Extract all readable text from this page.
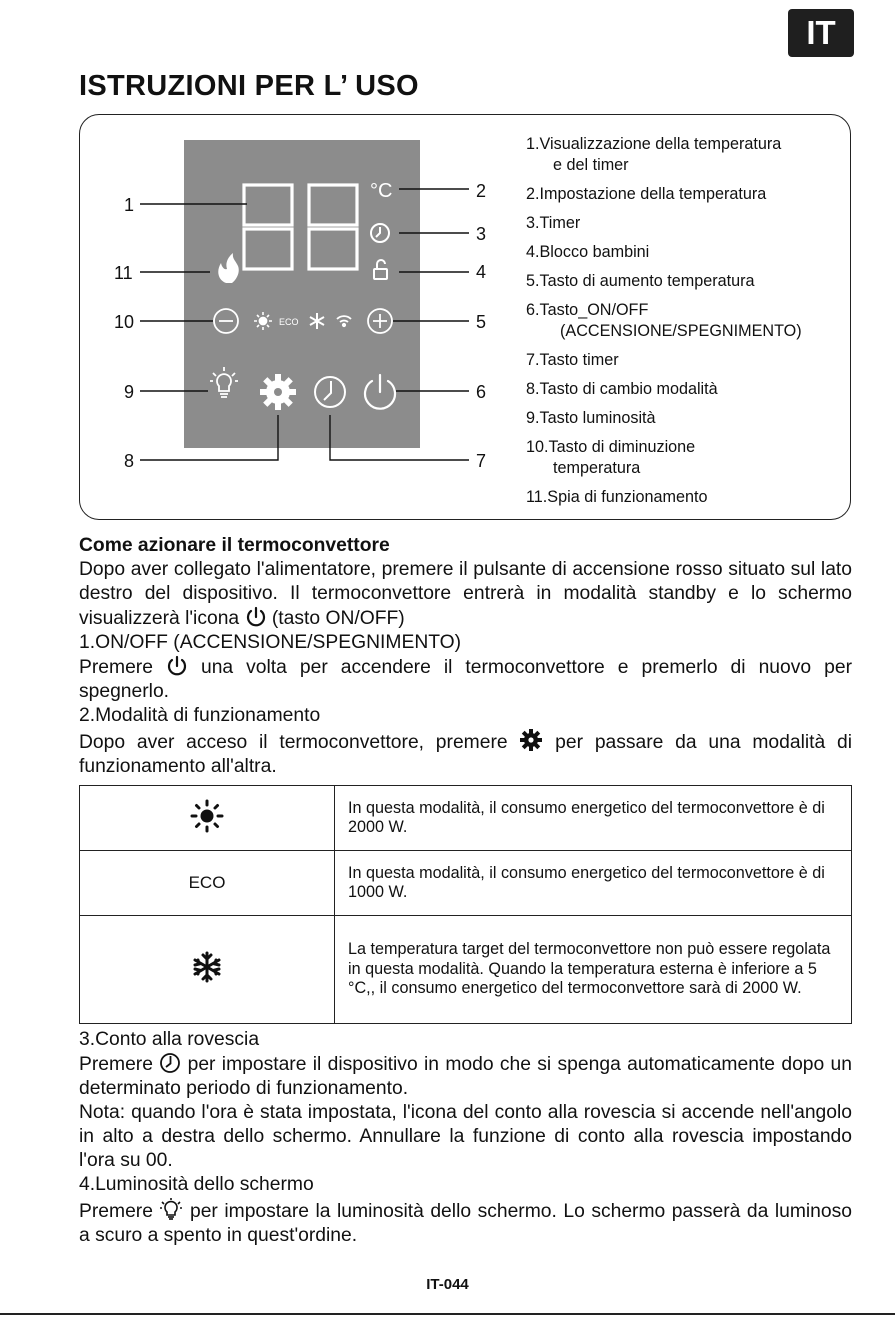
IT
ISTRUZIONI PER L’ USO
°C
ECO
1
2
3
4
5
6
7
8
9
10
11
1.Visualizzazione della temperatura
e del timer
2.Impostazione della temperatura
3.Timer
4.Blocco bambini
5.Tasto di aumento temperatura
6.Tasto_ON/OFF
(ACCENSIONE/SPEGNIMENTO)
7.Tasto timer
8.Tasto di cambio modalità
9.Tasto luminosità
10.Tasto di diminuzione
temperatura
11.Spia di funzionamento

Come azionare il termoconvettore

Dopo aver collegato l'alimentatore, premere il pulsante di accensione rosso situato sul lato destro del dispositivo. Il termoconvettore entrerà in modalità standby e lo schermo visualizzerà l'icona (tasto ON/OFF)

1.ON/OFF (ACCENSIONE/SPEGNIMENTO)

Premere una volta per accendere il termoconvettore e premerlo di nuovo per spegnerlo.

2.Modalità di funzionamento

Dopo aver acceso il termoconvettore, premere per passare da una modalità di funzionamento all'altra.

	In questa modalità, il consumo energetico del termoconvettore è di 2000 W.
ECO	In questa modalità, il consumo energetico del termoconvettore è di 1000 W.
	La temperatura target del termoconvettore non può essere regolata in questa modalità. Quando la temperatura esterna è inferiore a 5 °C,, il consumo energetico del termoconvettore sarà di 2000 W.

3.Conto alla rovescia

Premere per impostare il dispositivo in modo che si spenga automaticamente dopo un determinato periodo di funzionamento.

Nota: quando l'ora è stata impostata, l'icona del conto alla rovescia si accende nell'angolo in alto a destra dello schermo. Annullare la funzione di conto alla rovescia impostando l'ora su 00.

4.Luminosità dello schermo

Premere per impostare la luminosità dello schermo. Lo schermo passerà da luminoso a scuro a spento in quest'ordine.

IT-044
